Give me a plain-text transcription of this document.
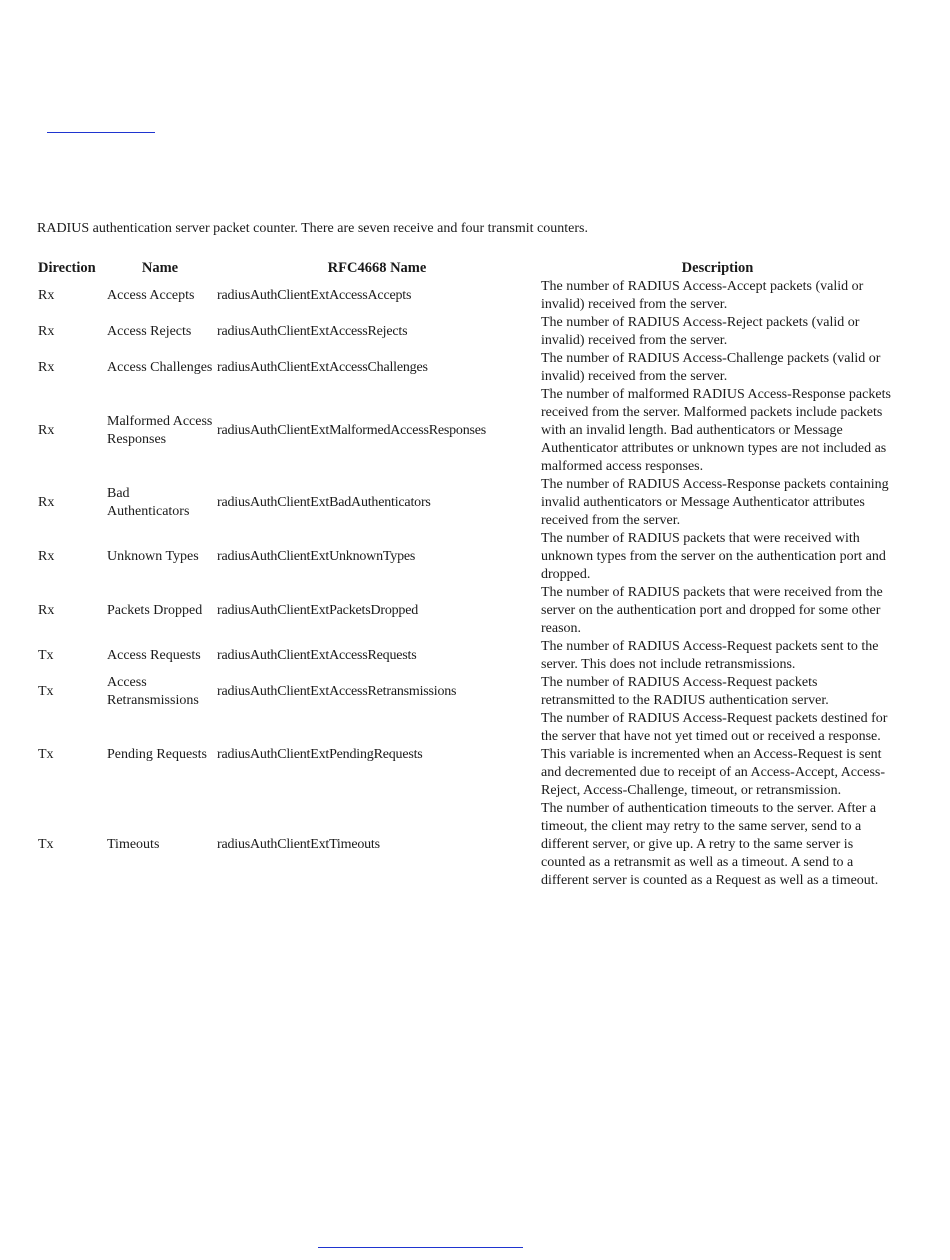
RADIUS authentication server packet counter. There are seven receive and four transmit counters.

Direction	Name	RFC4668 Name	Description
Rx	Access Accepts	radiusAuthClientExtAccessAccepts	The number of RADIUS Access-Accept packets (valid or invalid) received from the server.
Rx	Access Rejects	radiusAuthClientExtAccessRejects	The number of RADIUS Access-Reject packets (valid or invalid) received from the server.
Rx	Access Challenges	radiusAuthClientExtAccessChallenges	The number of RADIUS Access-Challenge packets (valid or invalid) received from the server.
Rx	Malformed Access Responses	radiusAuthClientExtMalformedAccessResponses	The number of malformed RADIUS Access-Response packets received from the server. Malformed packets include packets with an invalid length. Bad authenticators or Message Authenticator attributes or unknown types are not included as malformed access responses.
Rx	Bad Authenticators	radiusAuthClientExtBadAuthenticators	The number of RADIUS Access-Response packets containing invalid authenticators or Message Authenticator attributes received from the server.
Rx	Unknown Types	radiusAuthClientExtUnknownTypes	The number of RADIUS packets that were received with unknown types from the server on the authentication port and dropped.
Rx	Packets Dropped	radiusAuthClientExtPacketsDropped	The number of RADIUS packets that were received from the server on the authentication port and dropped for some other reason.
Tx	Access Requests	radiusAuthClientExtAccessRequests	The number of RADIUS Access-Request packets sent to the server. This does not include retransmissions.
Tx	Access Retransmissions	radiusAuthClientExtAccessRetransmissions	The number of RADIUS Access-Request packets retransmitted to the RADIUS authentication server.
Tx	Pending Requests	radiusAuthClientExtPendingRequests	The number of RADIUS Access-Request packets destined for the server that have not yet timed out or received a response. This variable is incremented when an Access-Request is sent and decremented due to receipt of an Access-Accept, Access-Reject, Access-Challenge, timeout, or retransmission.
Tx	Timeouts	radiusAuthClientExtTimeouts	The number of authentication timeouts to the server. After a timeout, the client may retry to the same server, send to a different server, or give up. A retry to the same server is counted as a retransmit as well as a timeout. A send to a different server is counted as a Request as well as a timeout.
